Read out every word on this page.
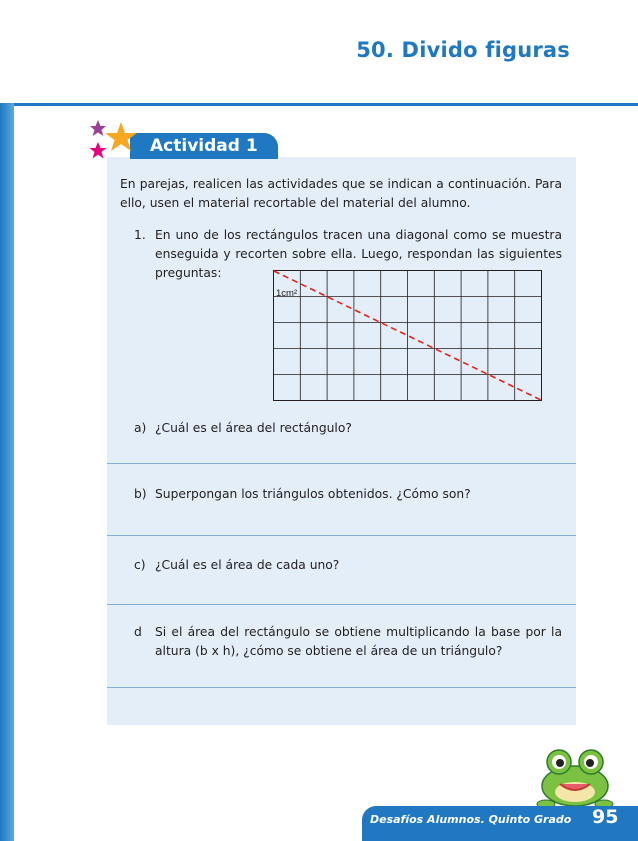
50. Divido figuras
Actividad 1
En parejas, realicen las actividades que se indican a continuación. Para ello, usen el material recortable del material del alumno.
1. En uno de los rectángulos tracen una diagonal como se muestra enseguida y recorten sobre ella. Luego, respondan las siguientes preguntas:
1cm²
a) ¿Cuál es el área del rectángulo?
b) Superpongan los triángulos obtenidos. ¿Cómo son?
c) ¿Cuál es el área de cada uno?
d Si el área del rectángulo se obtiene multiplicando la base por la altura (b x h), ¿cómo se obtiene el área de un triángulo?
Desafíos Alumnos. Quinto Grado 95
